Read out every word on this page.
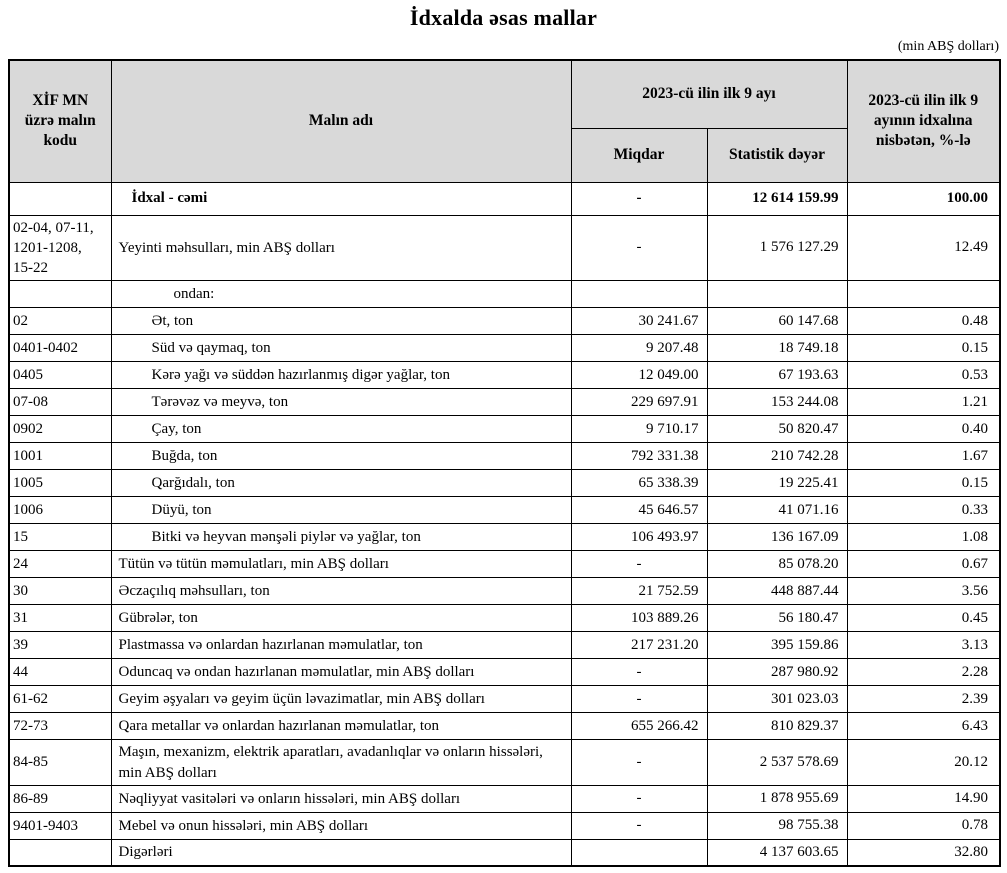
İdxalda əsas mallar
(min ABŞ dolları)
XİF MN üzrə malın kodu	Malın adı	2023-cü ilin ilk 9 ayı		2023-cü ilin ilk 9 ayının idxalına nisbətən, %-lə
		Miqdar	Statistik dəyər	
	İdxal - cəmi	-	12 614 159.99	100.00
02-04, 07-11, 1201-1208, 15-22	Yeyinti məhsulları, min ABŞ dolları	-	1 576 127.29	12.49
	ondan:			
02	Ət, ton	30 241.67	60 147.68	0.48
0401-0402	Süd və qaymaq, ton	9 207.48	18 749.18	0.15
0405	Kərə yağı və süddən hazırlanmış digər yağlar, ton	12 049.00	67 193.63	0.53
07-08	Tərəvəz və meyvə, ton	229 697.91	153 244.08	1.21
0902	Çay, ton	9 710.17	50 820.47	0.40
1001	Buğda, ton	792 331.38	210 742.28	1.67
1005	Qarğıdalı, ton	65 338.39	19 225.41	0.15
1006	Düyü, ton	45 646.57	41 071.16	0.33
15	Bitki və heyvan mənşəli piylər və yağlar, ton	106 493.97	136 167.09	1.08
24	Tütün və tütün məmulatları, min ABŞ dolları	-	85 078.20	0.67
30	Əczaçılıq məhsulları, ton	21 752.59	448 887.44	3.56
31	Gübrələr, ton	103 889.26	56 180.47	0.45
39	Plastmassa və onlardan hazırlanan məmulatlar, ton	217 231.20	395 159.86	3.13
44	Oduncaq və ondan hazırlanan məmulatlar, min ABŞ dolları	-	287 980.92	2.28
61-62	Geyim əşyaları və geyim üçün ləvazimatlar, min ABŞ dolları	-	301 023.03	2.39
72-73	Qara metallar və onlardan hazırlanan məmulatlar, ton	655 266.42	810 829.37	6.43
84-85	Maşın, mexanizm, elektrik aparatları, avadanlıqlar və onların hissələri, min ABŞ dolları	-	2 537 578.69	20.12
86-89	Nəqliyyat vasitələri və onların hissələri, min ABŞ dolları	-	1 878 955.69	14.90
9401-9403	Mebel və onun hissələri, min ABŞ dolları	-	98 755.38	0.78
	Digərləri		4 137 603.65	32.80
